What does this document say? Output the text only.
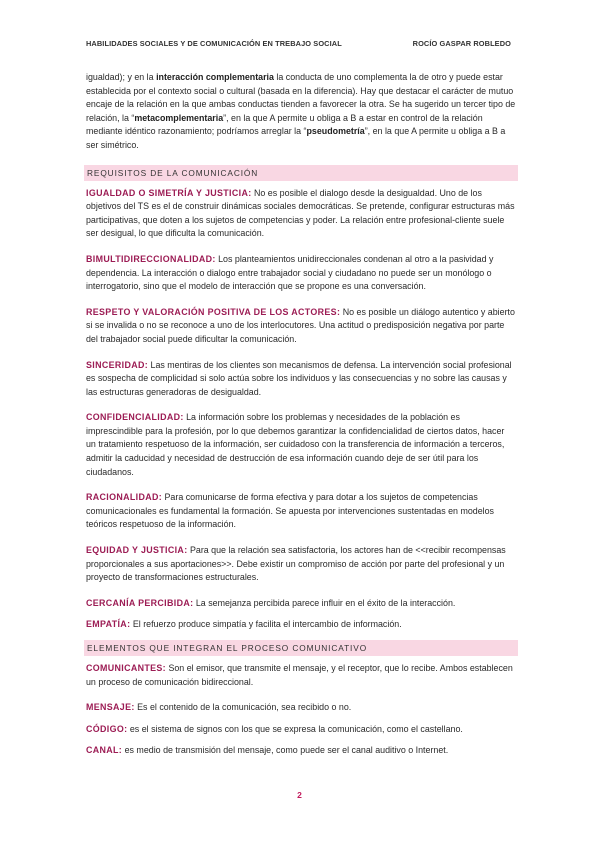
HABILIDADES SOCIALES Y DE COMUNICACIÓN EN TREBAJO SOCIAL	ROCÍO GASPAR ROBLEDO

igualdad); y en la interacción complementaria la conducta de uno complementa la de otro y puede estar establecida por el contexto social o cultural (basada en la diferencia). Hay que destacar el carácter de mutuo encaje de la relación en la que ambas conductas tienden a favorecer la otra. Se ha sugerido un tercer tipo de relación, la “metacomplementaria”, en la que A permite u obliga a B a estar en control de la relación mediante idéntico razonamiento; podríamos arreglar la “pseudometría”, en la que A permite u obliga a B a ser simétrico.

REQUISITOS DE LA COMUNICACIÓN

IGUALDAD O SIMETRÍA Y JUSTICIA: No es posible el dialogo desde la desigualdad. Uno de los objetivos del TS es el de construir dinámicas sociales democráticas. Se pretende, configurar estructuras más participativas, que doten a los sujetos de competencias y poder. La relación entre profesional-cliente suele ser desigual, lo que dificulta la comunicación.

BIMULTIDIRECCIONALIDAD: Los planteamientos unidireccionales condenan al otro a la pasividad y dependencia. La interacción o dialogo entre trabajador social y ciudadano no puede ser un monólogo o interrogatorio, sino que el modelo de interacción que se propone es una conversación.

RESPETO Y VALORACIÓN POSITIVA DE LOS ACTORES: No es posible un diálogo autentico y abierto si se invalida o no se reconoce a uno de los interlocutores. Una actitud o predisposición negativa por parte del trabajador social puede dificultar la comunicación.

SINCERIDAD: Las mentiras de los clientes son mecanismos de defensa. La intervención social profesional es sospecha de complicidad si solo actúa sobre los individuos y las consecuencias y no sobre las causas y las estructuras generadoras de desigualdad.

CONFIDENCIALIDAD: La información sobre los problemas y necesidades de la población es imprescindible para la profesión, por lo que debemos garantizar la confidencialidad de ciertos datos, hacer un tratamiento respetuoso de la información, ser cuidadoso con la transferencia de información a terceros, admitir la caducidad y necesidad de destrucción de esa información cuando deje de ser útil para los ciudadanos.

RACIONALIDAD: Para comunicarse de forma efectiva y para dotar a los sujetos de competencias comunicacionales es fundamental la formación. Se apuesta por intervenciones sustentadas en modelos teóricos respetuoso de la información.

EQUIDAD Y JUSTICIA: Para que la relación sea satisfactoria, los actores han de <<recibir recompensas proporcionales a sus aportaciones>>. Debe existir un compromiso de acción por parte del profesional y un proyecto de transformaciones estructurales.

CERCANÍA PERCIBIDA: La semejanza percibida parece influir en el éxito de la interacción.

EMPATÍA: El refuerzo produce simpatía y facilita el intercambio de información.

ELEMENTOS QUE INTEGRAN EL PROCESO COMUNICATIVO

COMUNICANTES: Son el emisor, que transmite el mensaje, y el receptor, que lo recibe. Ambos establecen un proceso de comunicación bidireccional.

MENSAJE: Es el contenido de la comunicación, sea recibido o no.

CÓDIGO: es el sistema de signos con los que se expresa la comunicación, como el castellano.

CANAL: es medio de transmisión del mensaje, como puede ser el canal auditivo o Internet.

2
